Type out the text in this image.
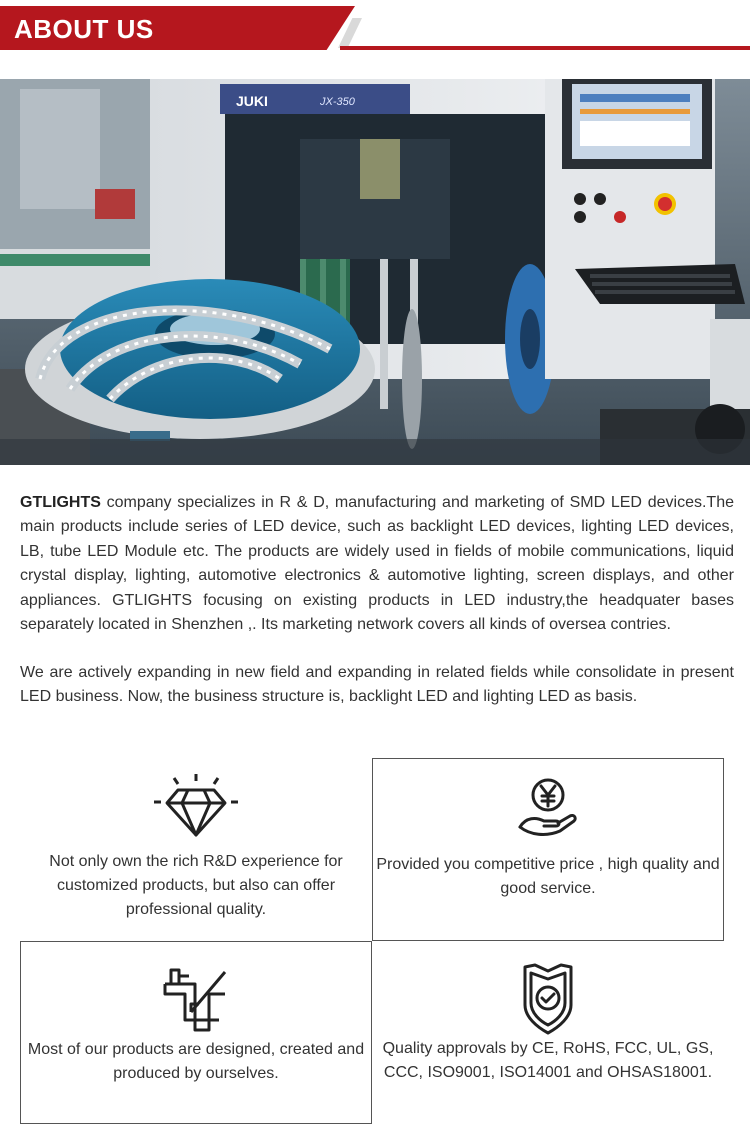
ABOUT US
JUKI	JX-350

GTLIGHTS company specializes in R & D, manufacturing and marketing of SMD LED devices.The main products include series of LED device, such as backlight LED devices, lighting LED devices, LB, tube LED Module etc. The products are widely used in fields of mobile communications, liquid crystal display, lighting, automotive electronics & automotive lighting, screen displays, and other appliances. GTLIGHTS focusing on existing products in LED industry,the headquater bases separately located in Shenzhen ,. Its marketing network covers all kinds of oversea contries.

We are actively expanding in new field and expanding in related fields while consolidate in present LED business. Now, the business structure is, backlight LED and lighting LED as basis.

Not only own the rich R&D experience for customized products, but also can offer professional quality.
Provided you competitive price , high quality and good service.
Most of our products are designed, created and produced by ourselves.
Quality approvals by CE, RoHS, FCC, UL, GS, CCC, ISO9001, ISO14001 and OHSAS18001.
